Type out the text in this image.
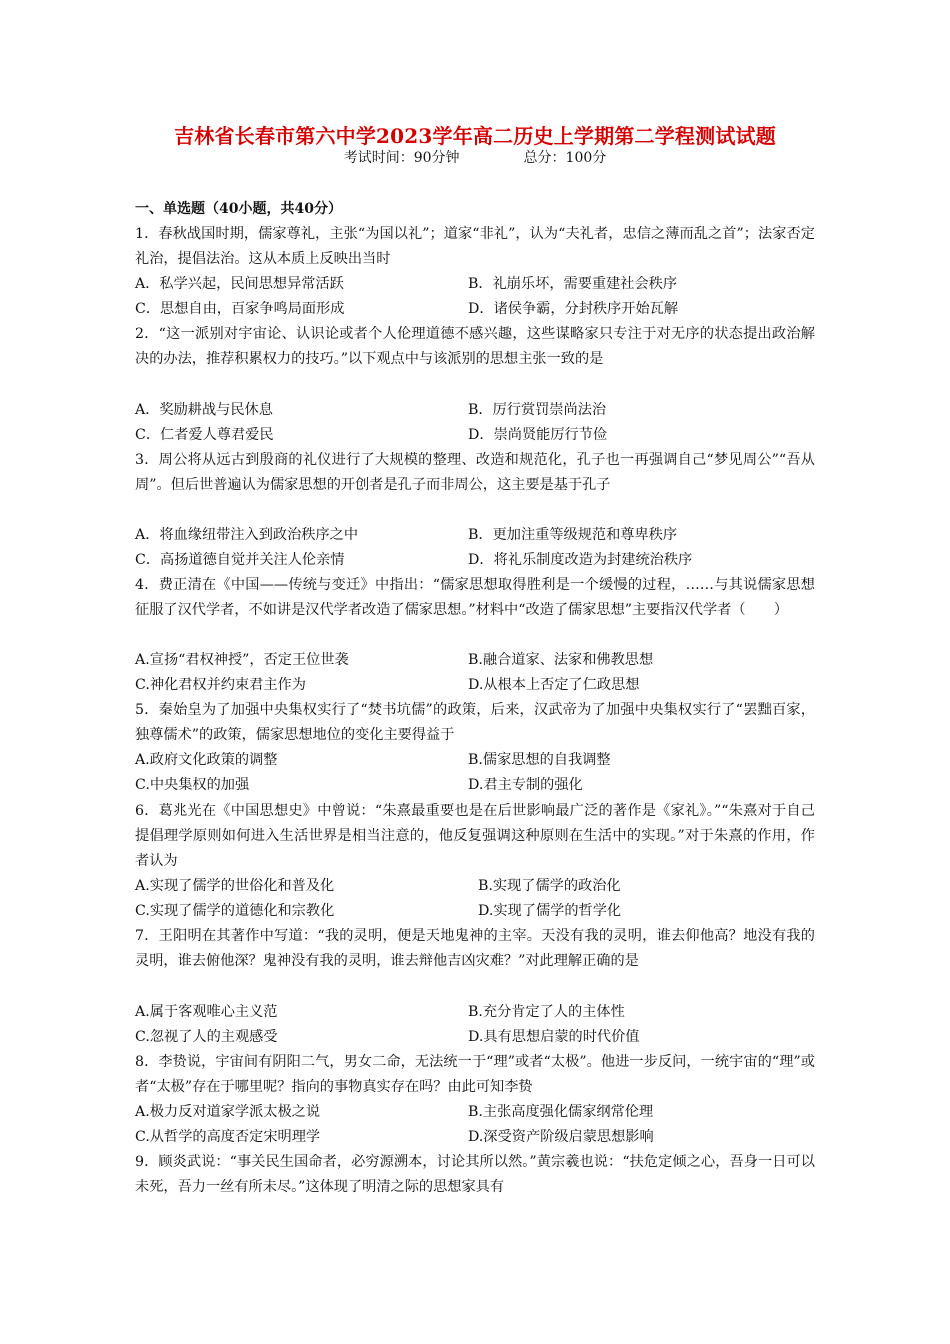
吉林省长春市第六中学2023学年高二历史上学期第二学程测试试题
考试时间：90分钟	总分：100分
一、单选题（40小题，共40分）
1．春秋战国时期，儒家尊礼，主张“为国以礼”；道家“非礼”，认为“夫礼者，忠信之薄而乱之首”；法家否定礼治，提倡法治。这从本质上反映出当时
A．私学兴起，民间思想异常活跃	B．礼崩乐坏，需要重建社会秩序
C．思想自由，百家争鸣局面形成	D．诸侯争霸，分封秩序开始瓦解
2．“这一派别对宇宙论、认识论或者个人伦理道德不感兴趣，这些谋略家只专注于对无序的状态提出政治解决的办法，推荐积累权力的技巧。”以下观点中与该派别的思想主张一致的是
A．奖励耕战与民休息	B．厉行赏罚崇尚法治
C．仁者爱人尊君爱民	D．崇尚贤能厉行节俭
3．周公将从远古到殷商的礼仪进行了大规模的整理、改造和规范化，孔子也一再强调自己“梦见周公”“吾从周”。但后世普遍认为儒家思想的开创者是孔子而非周公，这主要是基于孔子
A．将血缘纽带注入到政治秩序之中	B．更加注重等级规范和尊卑秩序
C．高扬道德自觉并关注人伦亲情	D．将礼乐制度改造为封建统治秩序
4．费正清在《中国——传统与变迁》中指出：“儒家思想取得胜利是一个缓慢的过程，……与其说儒家思想征服了汉代学者，不如讲是汉代学者改造了儒家思想。”材料中“改造了儒家思想”主要指汉代学者（　　）
A.宣扬“君权神授”，否定王位世袭	B.融合道家、法家和佛教思想
C.神化君权并约束君主作为	D.从根本上否定了仁政思想
5．秦始皇为了加强中央集权实行了“焚书坑儒”的政策，后来，汉武帝为了加强中央集权实行了“罢黜百家，独尊儒术”的政策，儒家思想地位的变化主要得益于
A.政府文化政策的调整	B.儒家思想的自我调整
C.中央集权的加强	D.君主专制的强化
6．葛兆光在《中国思想史》中曾说：“朱熹最重要也是在后世影响最广泛的著作是《家礼》。”“朱熹对于自己提倡理学原则如何进入生活世界是相当注意的，他反复强调这种原则在生活中的实现。”对于朱熹的作用，作者认为
A.实现了儒学的世俗化和普及化	B.实现了儒学的政治化
C.实现了儒学的道德化和宗教化	D.实现了儒学的哲学化
7．王阳明在其著作中写道：“我的灵明，便是天地鬼神的主宰。天没有我的灵明，谁去仰他高？地没有我的灵明，谁去俯他深？鬼神没有我的灵明，谁去辩他吉凶灾难？”对此理解正确的是
A.属于客观唯心主义范	B.充分肯定了人的主体性
C.忽视了人的主观感受	D.具有思想启蒙的时代价值
8．李贽说，宇宙间有阴阳二气，男女二命，无法统一于“理”或者“太极”。他进一步反问，一统宇宙的“理”或者“太极”存在于哪里呢？指向的事物真实存在吗？由此可知李贽
A.极力反对道家学派太极之说	B.主张高度强化儒家纲常伦理
C.从哲学的高度否定宋明理学	D.深受资产阶级启蒙思想影响
9．顾炎武说：“事关民生国命者，必穷源溯本，讨论其所以然。”黄宗羲也说：“扶危定倾之心，吾身一日可以未死，吾力一丝有所未尽。”这体现了明清之际的思想家具有
